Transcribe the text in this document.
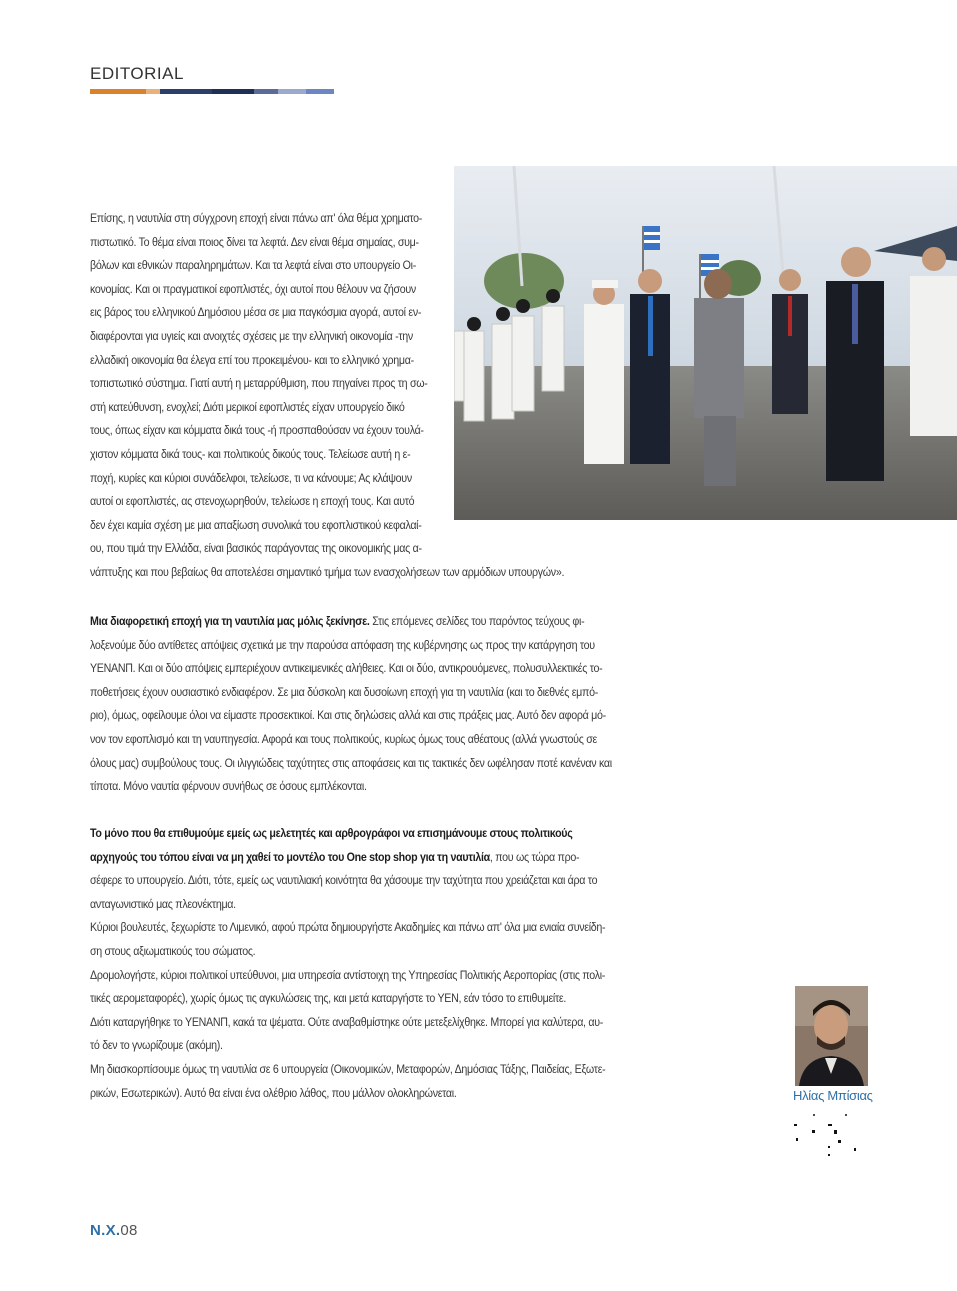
EDITORIAL

Επίσης, η ναυτιλία στη σύγχρονη εποχή είναι πάνω απ' όλα θέμα χρηματο-

πιστωτικό. Το θέμα είναι ποιος δίνει τα λεφτά. Δεν είναι θέμα σημαίας, συμ-

βόλων και εθνικών παραληρημάτων. Και τα λεφτά είναι στο υπουργείο Οι-

κονομίας. Και οι πραγματικοί εφοπλιστές, όχι αυτοί που θέλουν να ζήσουν

εις βάρος του ελληνικού Δημόσιου μέσα σε μια παγκόσμια αγορά, αυτοί εν-

διαφέρονται για υγιείς και ανοιχτές σχέσεις με την ελληνική οικονομία -την

ελλαδική οικονομία θα έλεγα επί του προκειμένου- και το ελληνικό χρημα-

τοπιστωτικό σύστημα. Γιατί αυτή η μεταρρύθμιση, που πηγαίνει προς τη σω-

στή κατεύθυνση, ενοχλεί; Διότι μερικοί εφοπλιστές είχαν υπουργείο δικό

τους, όπως είχαν και κόμματα δικά τους -ή προσπαθούσαν να έχουν τουλά-

χιστον κόμματα δικά τους- και πολιτικούς δικούς τους. Τελείωσε αυτή η ε-

ποχή, κυρίες και κύριοι συνάδελφοι, τελείωσε, τι να κάνουμε; Ας κλάψουν

αυτοί οι εφοπλιστές, ας στενοχωρηθούν, τελείωσε η εποχή τους. Και αυτό

δεν έχει καμία σχέση με μια απαξίωση συνολικά του εφοπλιστικού κεφαλαί-

ου, που τιμά την Ελλάδα, είναι βασικός παράγοντας της οικονομικής μας α-

νάπτυξης και που βεβαίως θα αποτελέσει σημαντικό τμήμα των ενασχολήσεων των αρμόδιων υπουργών».

Μια διαφορετική εποχή για τη ναυτιλία μας μόλις ξεκίνησε. Στις επόμενες σελίδες του παρόντος τεύχους φι-

λοξενούμε δύο αντίθετες απόψεις σχετικά με την παρούσα απόφαση της κυβέρνησης ως προς την κατάργηση του

ΥΕΝΑΝΠ. Και οι δύο απόψεις εμπεριέχουν αντικειμενικές αλήθειες. Και οι δύο, αντικρουόμενες, πολυσυλλεκτικές το-

ποθετήσεις έχουν ουσιαστικό ενδιαφέρον. Σε μια δύσκολη και δυσοίωνη εποχή για τη ναυτιλία (και το διεθνές εμπό-

ριο), όμως, οφείλουμε όλοι να είμαστε προσεκτικοί. Και στις δηλώσεις αλλά και στις πράξεις μας. Αυτό δεν αφορά μό-

νον τον εφοπλισμό και τη ναυπηγεσία. Αφορά και τους πολιτικούς, κυρίως όμως τους αθέατους (αλλά γνωστούς σε

όλους μας) συμβούλους τους. Οι ιλιγγιώδεις ταχύτητες στις αποφάσεις και τις τακτικές δεν ωφέλησαν ποτέ κανέναν και

τίποτα. Μόνο ναυτία φέρνουν συνήθως σε όσους εμπλέκονται.

Το μόνο που θα επιθυμούμε εμείς ως μελετητές και αρθρογράφοι να επισημάνουμε στους πολιτικούς

αρχηγούς του τόπου είναι να μη χαθεί το μοντέλο του One stop shop για τη ναυτιλία, που ως τώρα προ-

σέφερε το υπουργείο. Διότι, τότε, εμείς ως ναυτιλιακή κοινότητα θα χάσουμε την ταχύτητα που χρειάζεται και άρα το

ανταγωνιστικό μας πλεονέκτημα.

Κύριοι βουλευτές, ξεχωρίστε το Λιμενικό, αφού πρώτα δημιουργήστε Ακαδημίες και πάνω απ' όλα μια ενιαία συνείδη-

ση στους αξιωματικούς του σώματος.

Δρομολογήστε, κύριοι πολιτικοί υπεύθυνοι, μια υπηρεσία αντίστοιχη της Υπηρεσίας Πολιτικής Αεροπορίας (στις πολι-

τικές αερομεταφορές), χωρίς όμως τις αγκυλώσεις της, και μετά καταργήστε το ΥΕΝ, εάν τόσο το επιθυμείτε.

Διότι καταργήθηκε το ΥΕΝΑΝΠ, κακά τα ψέματα. Ούτε αναβαθμίστηκε ούτε μετεξελίχθηκε. Μπορεί για καλύτερα, αυ-

τό δεν το γνωρίζουμε (ακόμη).

Μη διασκορπίσουμε όμως τη ναυτιλία σε 6 υπουργεία (Οικονομικών, Μεταφορών, Δημόσιας Τάξης, Παιδείας, Εξωτε-

ρικών, Εσωτερικών). Αυτό θα είναι ένα ολέθριο λάθος, που μάλλον ολοκληρώνεται.	Ηλίας Μπίσιας
Ν.Χ.08
